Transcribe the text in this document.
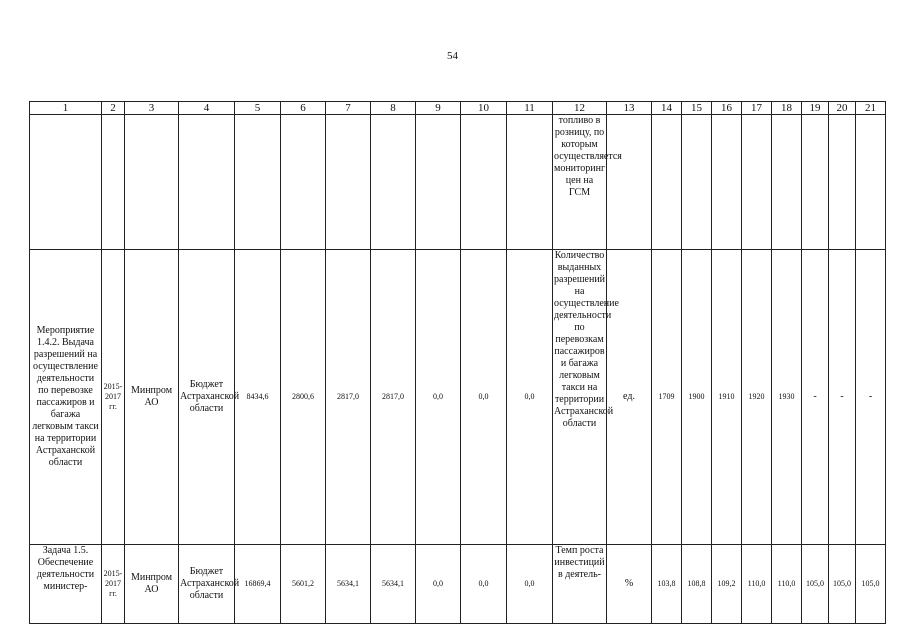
54
1	2	3	4	5	6	7	8	9	10	11	12	13	14	15	16	17	18	19	20	21
											топливо в розницу, по которым осуществляется мониторинг цен на ГСМ									
Мероприятие 1.4.2. Выдача разрешений на осуществление деятельности по перевозке пассажиров и багажа легковым такси на территории Астраханской области	2015-2017 гг.	Минпром АО	Бюджет Астраханской области	8434,6	2800,6	2817,0	2817,0	0,0	0,0	0,0	Количество выданных разрешений на осуществление деятельности по перевозкам пассажиров и багажа легковым такси на территории Астраханской области	ед.	1709	1900	1910	1920	1930	-	-	-
Задача 1.5. Обеспечение деятельности министер-	2015-2017 гг.	Минпром АО	Бюджет Астраханской области	16869,4	5601,2	5634,1	5634,1	0,0	0,0	0,0	Темп роста инвестиций в деятель-	%	103,8	108,8	109,2	110,0	110,0	105,0	105,0	105,0
